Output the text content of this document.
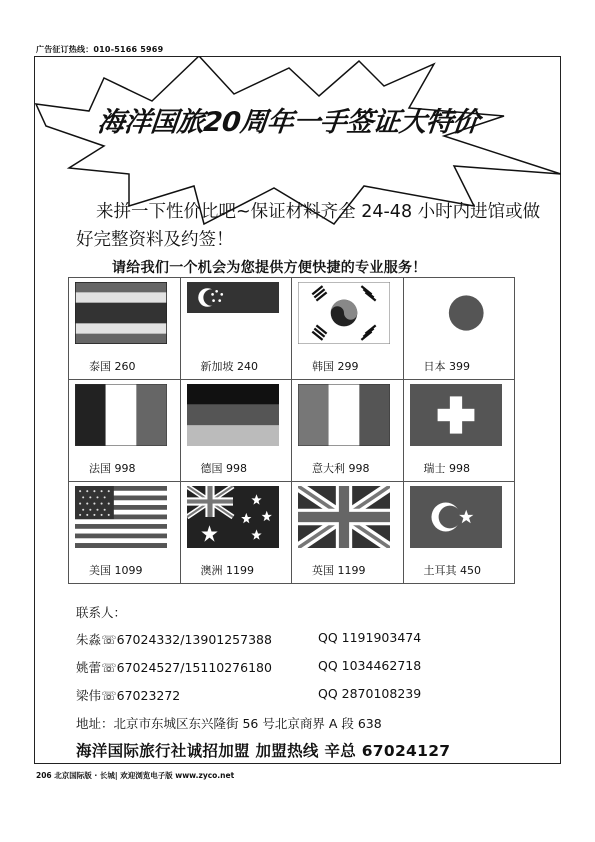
广告征订热线：010-5166 5969
海洋国旅20周年一手签证大特价
来拼一下性价比吧~保证材料齐全 24-48 小时内进馆或做好完整资料及约签！
请给我们一个机会为您提供方便快捷的专业服务！
泰国 260	新加坡 240	韩国 299	日本 399

法国 998	德国 998	意大利 998	瑞士 998

美国 1099	澳洲 1199	英国 1199	土耳其 450
联系人：
朱淼☏67024332/13901257388	QQ 1191903474
姚蕾☏67024527/15110276180	QQ 1034462718
梁伟☏67023272	QQ 2870108239
地址：北京市东城区东兴隆街 56 号北京商界 A 段 638
海洋国际旅行社诚招加盟 加盟热线 辛总 67024127
206 北京国际版 · 长城| 欢迎浏览电子版 www.zyco.net
